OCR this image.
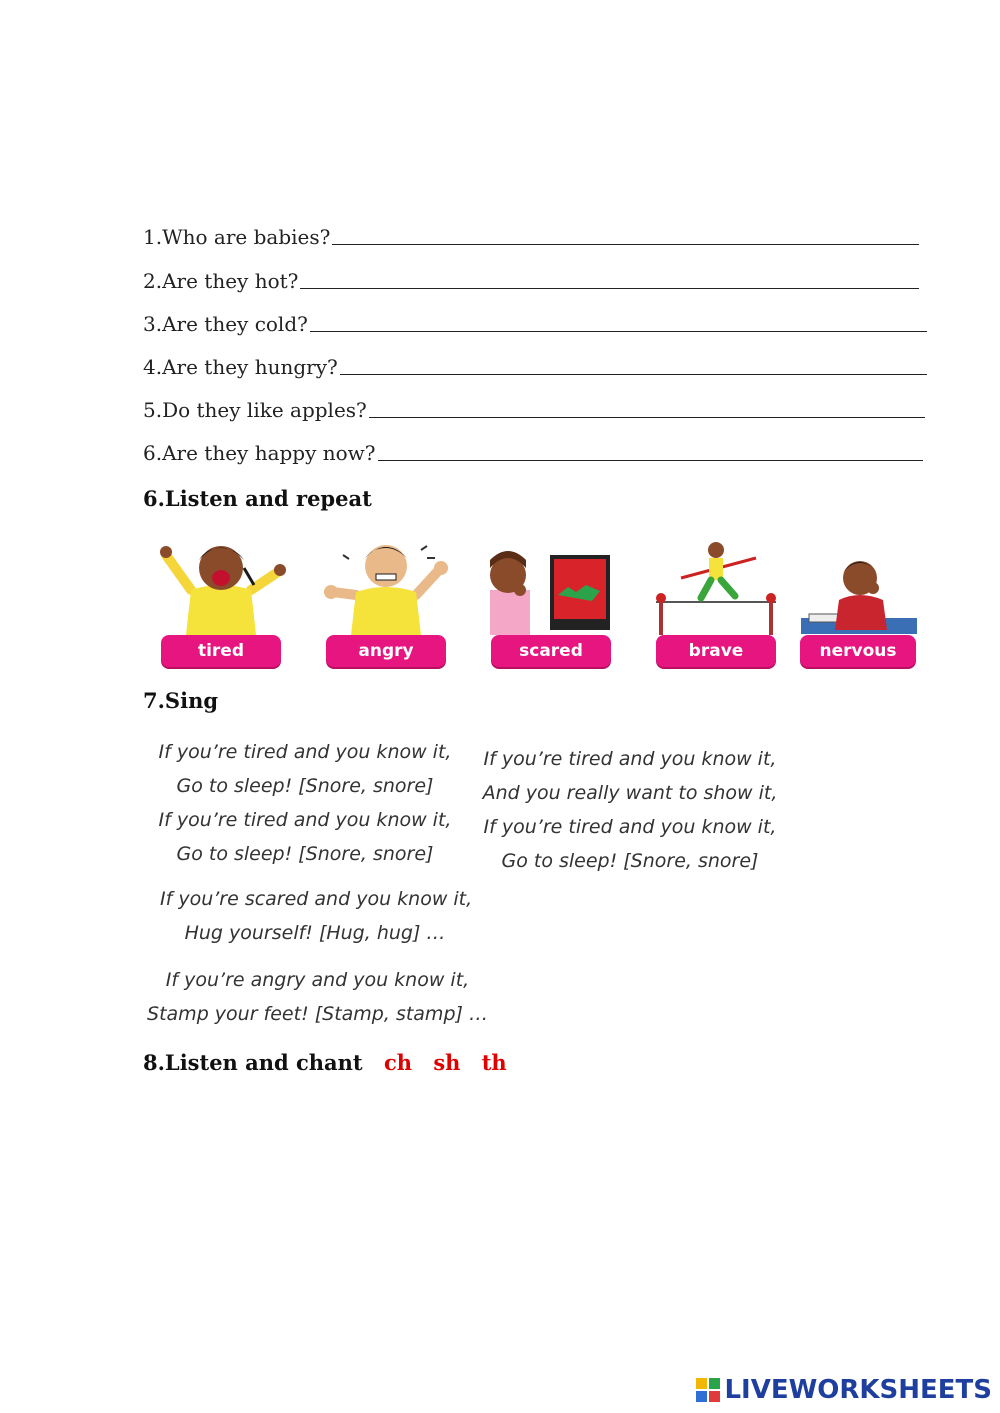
1.Who are babies?
2.Are they hot?
3.Are they cold?
4.Are they hungry?
5.Do they like apples?
6.Are they happy now?
6.Listen and repeat
tired	angry	scared	brave	nervous
7.Sing
If you’re tired and you know it,
Go to sleep! [Snore, snore]
If you’re tired and you know it,
Go to sleep! [Snore, snore]
If you’re scared and you know it,
Hug yourself! [Hug, hug] …
If you’re angry and you know it,
Stamp your feet! [Stamp, stamp] …
If you’re tired and you know it,
And you really want to show it,
If you’re tired and you know it,
Go to sleep! [Snore, snore]
8.Listen and chant ch sh th
LIVEWORKSHEETS
